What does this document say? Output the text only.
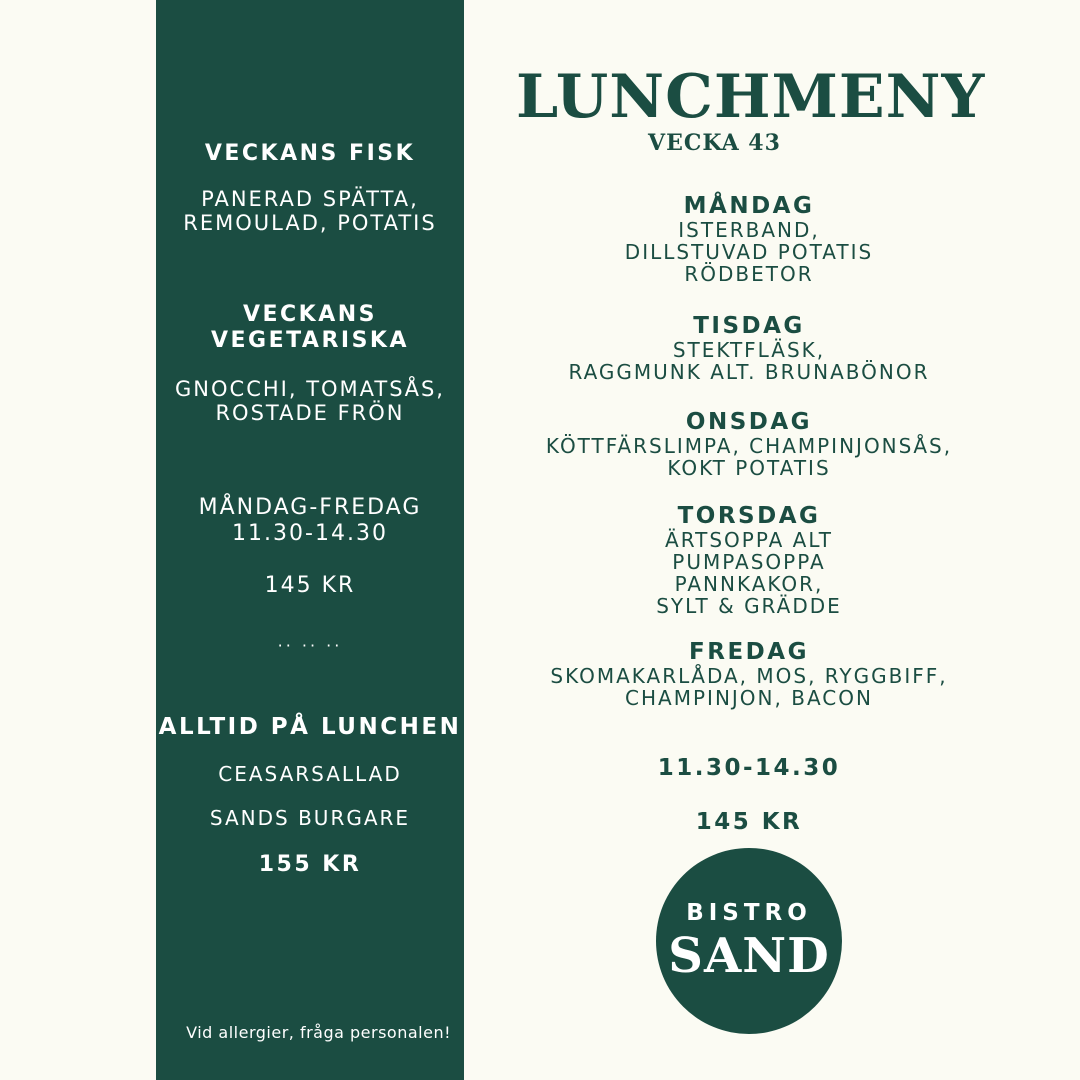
VECKANS FISK
PANERAD SPÄTTA,
REMOULAD, POTATIS
VECKANS
VEGETARISKA
GNOCCHI, TOMATSÅS,
ROSTADE FRÖN
MÅNDAG-FREDAG
11.30-14.30
145 KR
·· ·· ··
ALLTID PÅ LUNCHEN
CEASARSALLAD
SANDS BURGARE
155 KR
Vid allergier, fråga personalen!
LUNCHMENY
VECKA 43
MÅNDAG
ISTERBAND,
DILLSTUVAD POTATIS
RÖDBETOR
TISDAG
STEKTFLÄSK,
RAGGMUNK ALT. BRUNABÖNOR
ONSDAG
KÖTTFÄRSLIMPA, CHAMPINJONSÅS,
KOKT POTATIS
TORSDAG
ÄRTSOPPA ALT
PUMPASOPPA
PANNKAKOR,
SYLT & GRÄDDE
FREDAG
SKOMAKARLÅDA, MOS, RYGGBIFF,
CHAMPINJON, BACON
11.30-14.30
145 KR
BISTRO
SAND
